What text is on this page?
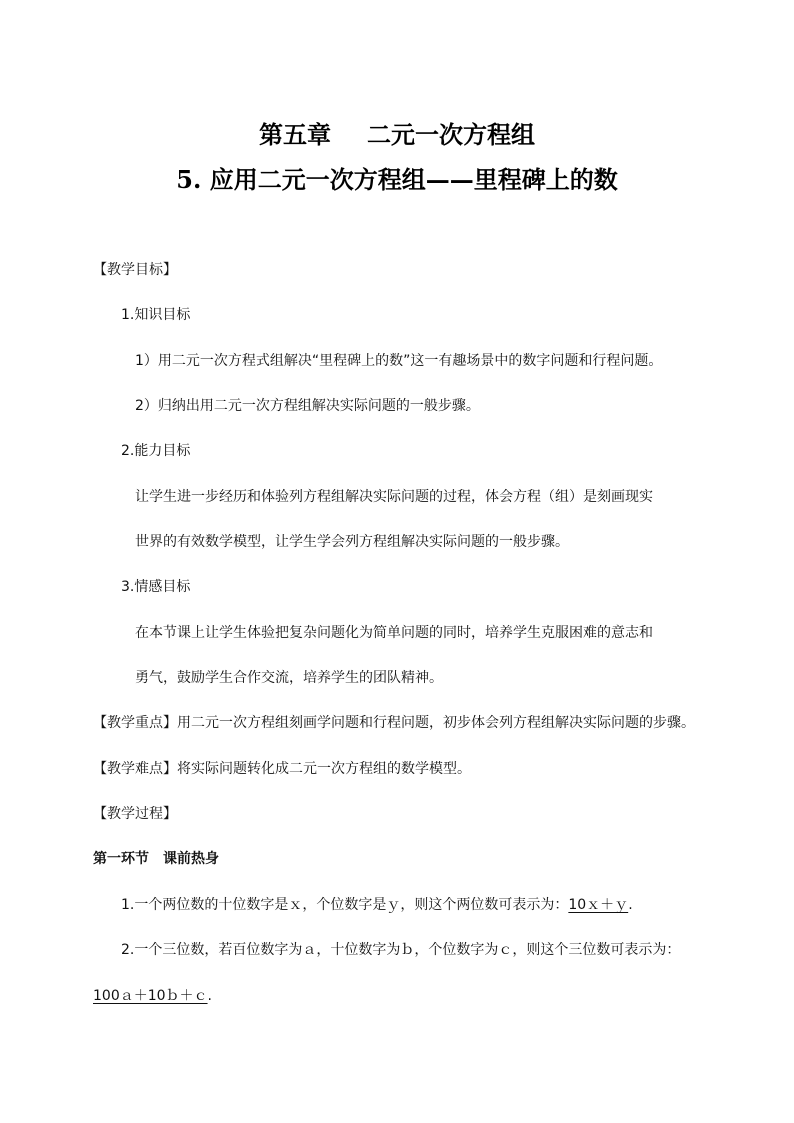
第五章 二元一次方程组
5. 应用二元一次方程组——里程碑上的数
【教学目标】
1.知识目标
1）用二元一次方程式组解决“里程碑上的数”这一有趣场景中的数字问题和行程问题。
2）归纳出用二元一次方程组解决实际问题的一般步骤。
2.能力目标
让学生进一步经历和体验列方程组解决实际问题的过程，体会方程（组）是刻画现实
世界的有效数学模型，让学生学会列方程组解决实际问题的一般步骤。
3.情感目标
在本节课上让学生体验把复杂问题化为简单问题的同时，培养学生克服困难的意志和
勇气，鼓励学生合作交流，培养学生的团队精神。
【教学重点】用二元一次方程组刻画学问题和行程问题，初步体会列方程组解决实际问题的步骤。
【教学难点】将实际问题转化成二元一次方程组的数学模型。
【教学过程】
第一环节　课前热身
1.一个两位数的十位数字是ｘ，个位数字是ｙ，则这个两位数可表示为：10ｘ＋ｙ.
2.一个三位数，若百位数字为ａ，十位数字为ｂ，个位数字为ｃ，则这个三位数可表示为：
100ａ＋10ｂ＋ｃ.
